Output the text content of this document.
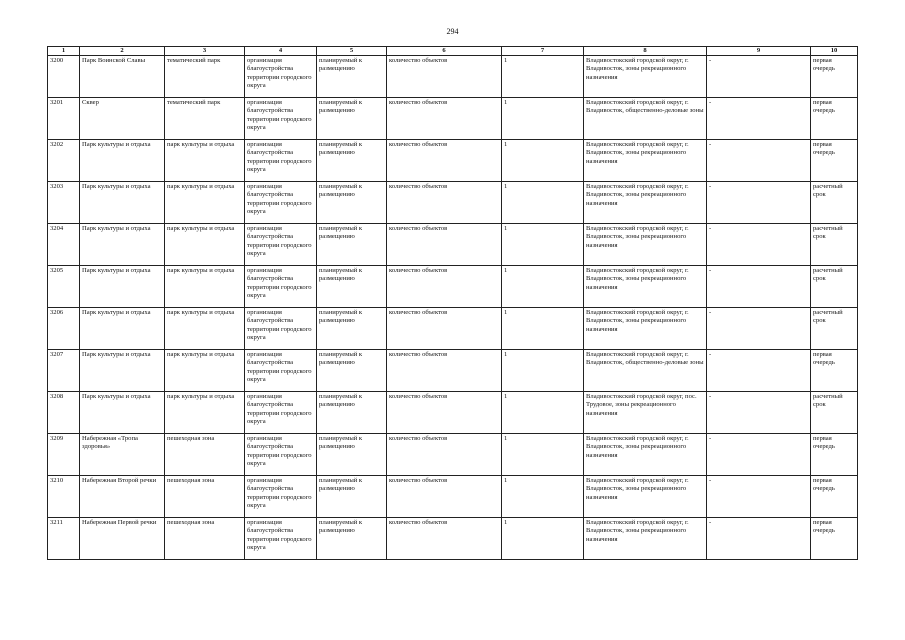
294
1	2	3	4	5	6	7	8	9	10
3200	Парк Воинской Славы	тематический парк	организация благоустройства территории городского округа	планируемый к размещению	количество объектов	1	Владивостокский городской округ, г. Владивосток, зоны рекреационного назначения	-	первая очередь
3201	Сквер	тематический парк	организация благоустройства территории городского округа	планируемый к размещению	количество объектов	1	Владивостокский городской округ, г. Владивосток, общественно-деловые зоны	-	первая очередь
3202	Парк культуры и отдыха	парк культуры и отдыха	организация благоустройства территории городского округа	планируемый к размещению	количество объектов	1	Владивостокский городской округ, г. Владивосток, зоны рекреационного назначения	-	первая очередь
3203	Парк культуры и отдыха	парк культуры и отдыха	организация благоустройства территории городского округа	планируемый к размещению	количество объектов	1	Владивостокский городской округ, г. Владивосток, зоны рекреационного назначения	-	расчетный срок
3204	Парк культуры и отдыха	парк культуры и отдыха	организация благоустройства территории городского округа	планируемый к размещению	количество объектов	1	Владивостокский городской округ, г. Владивосток, зоны рекреационного назначения	-	расчетный срок
3205	Парк культуры и отдыха	парк культуры и отдыха	организация благоустройства территории городского округа	планируемый к размещению	количество объектов	1	Владивостокский городской округ, г. Владивосток, зоны рекреационного назначения	-	расчетный срок
3206	Парк культуры и отдыха	парк культуры и отдыха	организация благоустройства территории городского округа	планируемый к размещению	количество объектов	1	Владивостокский городской округ, г. Владивосток, зоны рекреационного назначения	-	расчетный срок
3207	Парк культуры и отдыха	парк культуры и отдыха	организация благоустройства территории городского округа	планируемый к размещению	количество объектов	1	Владивостокский городской округ, г. Владивосток, общественно-деловые зоны	-	первая очередь
3208	Парк культуры и отдыха	парк культуры и отдыха	организация благоустройства территории городского округа	планируемый к размещению	количество объектов	1	Владивостокский городской округ, пос. Трудовое, зоны рекреационного назначения	-	расчетный срок
3209	Набережная «Тропа здоровья»	пешеходная зона	организация благоустройства территории городского округа	планируемый к размещению	количество объектов	1	Владивостокский городской округ, г. Владивосток, зоны рекреационного назначения	-	первая очередь
3210	Набережная Второй речки	пешеходная зона	организация благоустройства территории городского округа	планируемый к размещению	количество объектов	1	Владивостокский городской округ, г. Владивосток, зоны рекреационного назначения	-	первая очередь
3211	Набережная Первой речки	пешеходная зона	организация благоустройства территории городского округа	планируемый к размещению	количество объектов	1	Владивостокский городской округ, г. Владивосток, зоны рекреационного назначения	-	первая очередь
